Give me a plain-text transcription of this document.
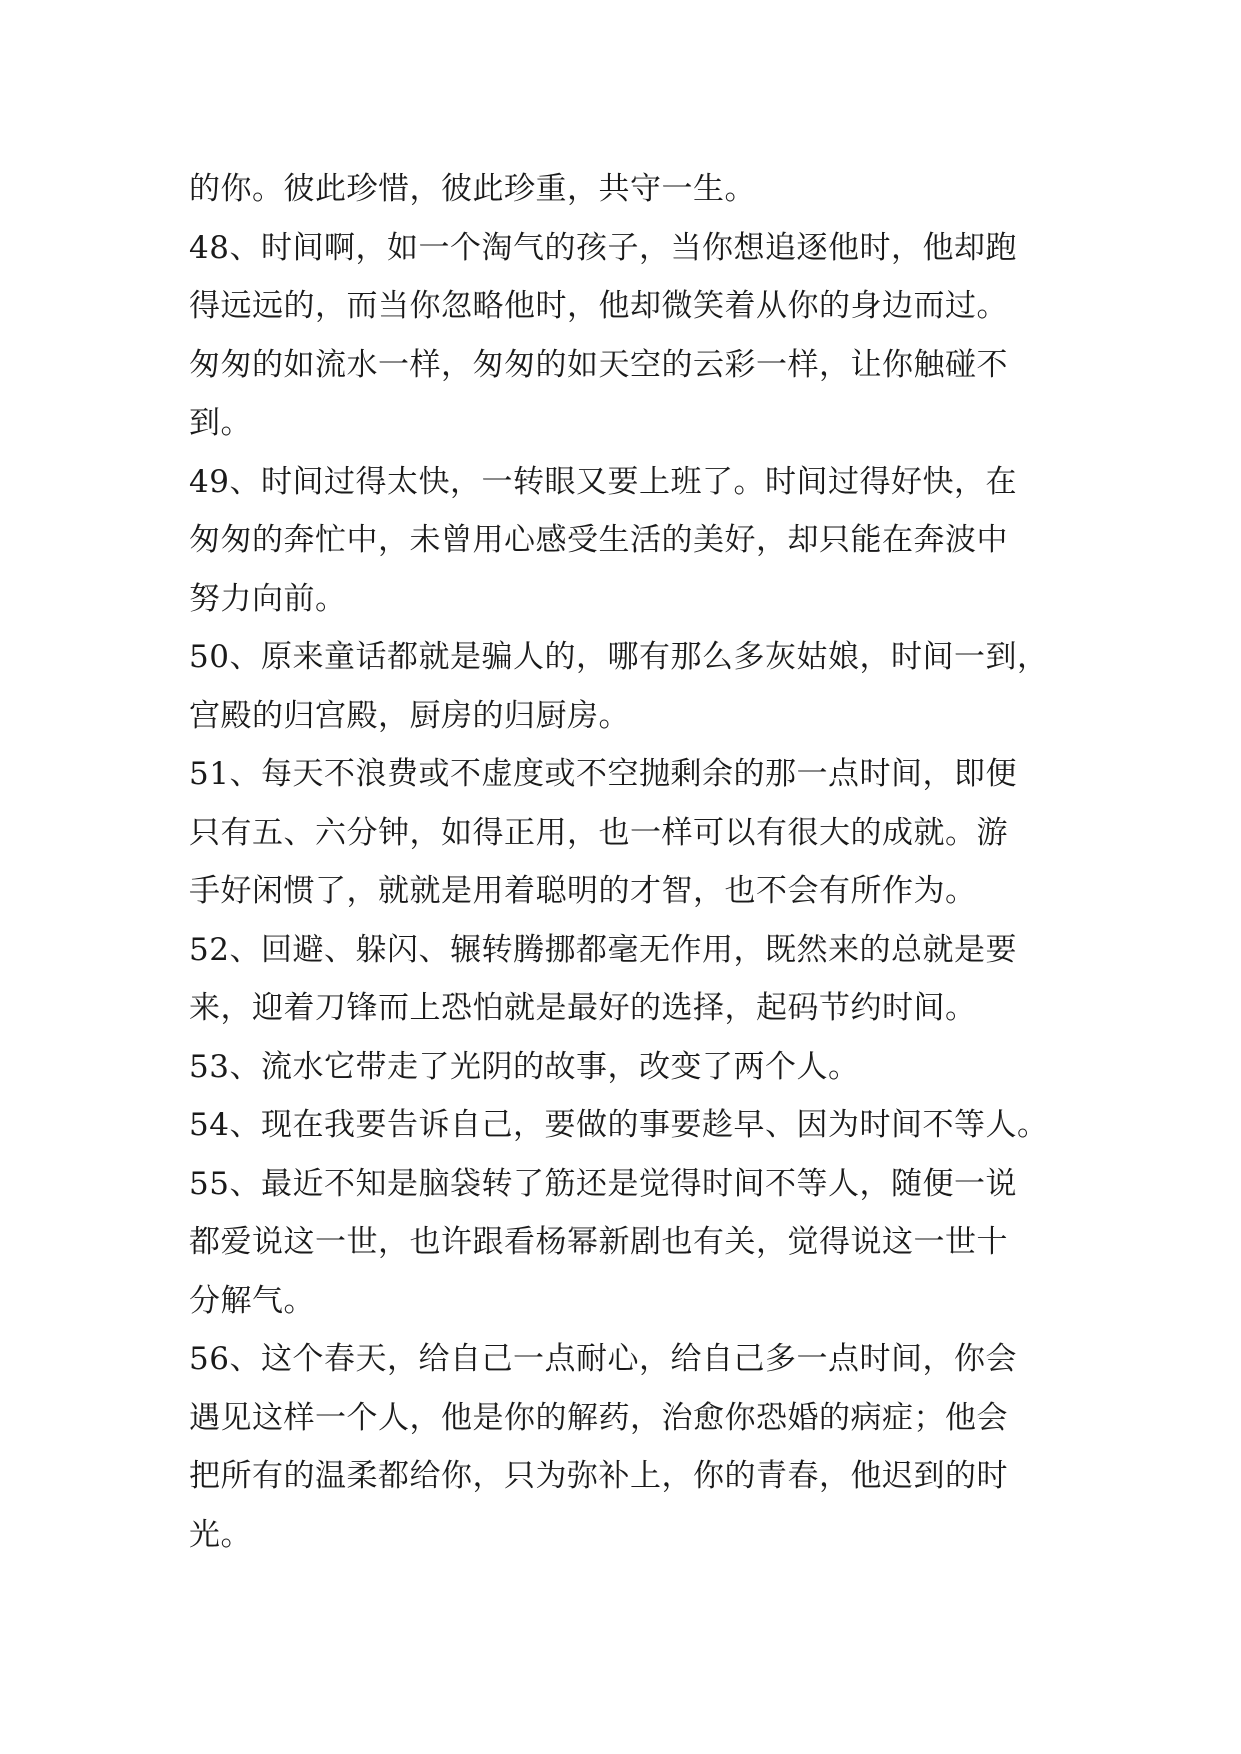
的你。彼此珍惜，彼此珍重，共守一生。
48、时间啊，如一个淘气的孩子，当你想追逐他时，他却跑
得远远的，而当你忽略他时，他却微笑着从你的身边而过。
匆匆的如流水一样，匆匆的如天空的云彩一样，让你触碰不
到。
49、时间过得太快，一转眼又要上班了。时间过得好快，在
匆匆的奔忙中，未曾用心感受生活的美好，却只能在奔波中
努力向前。
50、原来童话都就是骗人的，哪有那么多灰姑娘，时间一到，
宫殿的归宫殿，厨房的归厨房。
51、每天不浪费或不虚度或不空抛剩余的那一点时间，即便
只有五、六分钟，如得正用，也一样可以有很大的成就。游
手好闲惯了，就就是用着聪明的才智，也不会有所作为。
52、回避、躲闪、辗转腾挪都毫无作用，既然来的总就是要
来，迎着刀锋而上恐怕就是最好的选择，起码节约时间。
53、流水它带走了光阴的故事，改变了两个人。
54、现在我要告诉自己，要做的事要趁早、因为时间不等人。
55、最近不知是脑袋转了筋还是觉得时间不等人，随便一说
都爱说这一世，也许跟看杨幂新剧也有关，觉得说这一世十
分解气。
56、这个春天，给自己一点耐心，给自己多一点时间，你会
遇见这样一个人，他是你的解药，治愈你恐婚的病症；他会
把所有的温柔都给你，只为弥补上，你的青春，他迟到的时
光。
